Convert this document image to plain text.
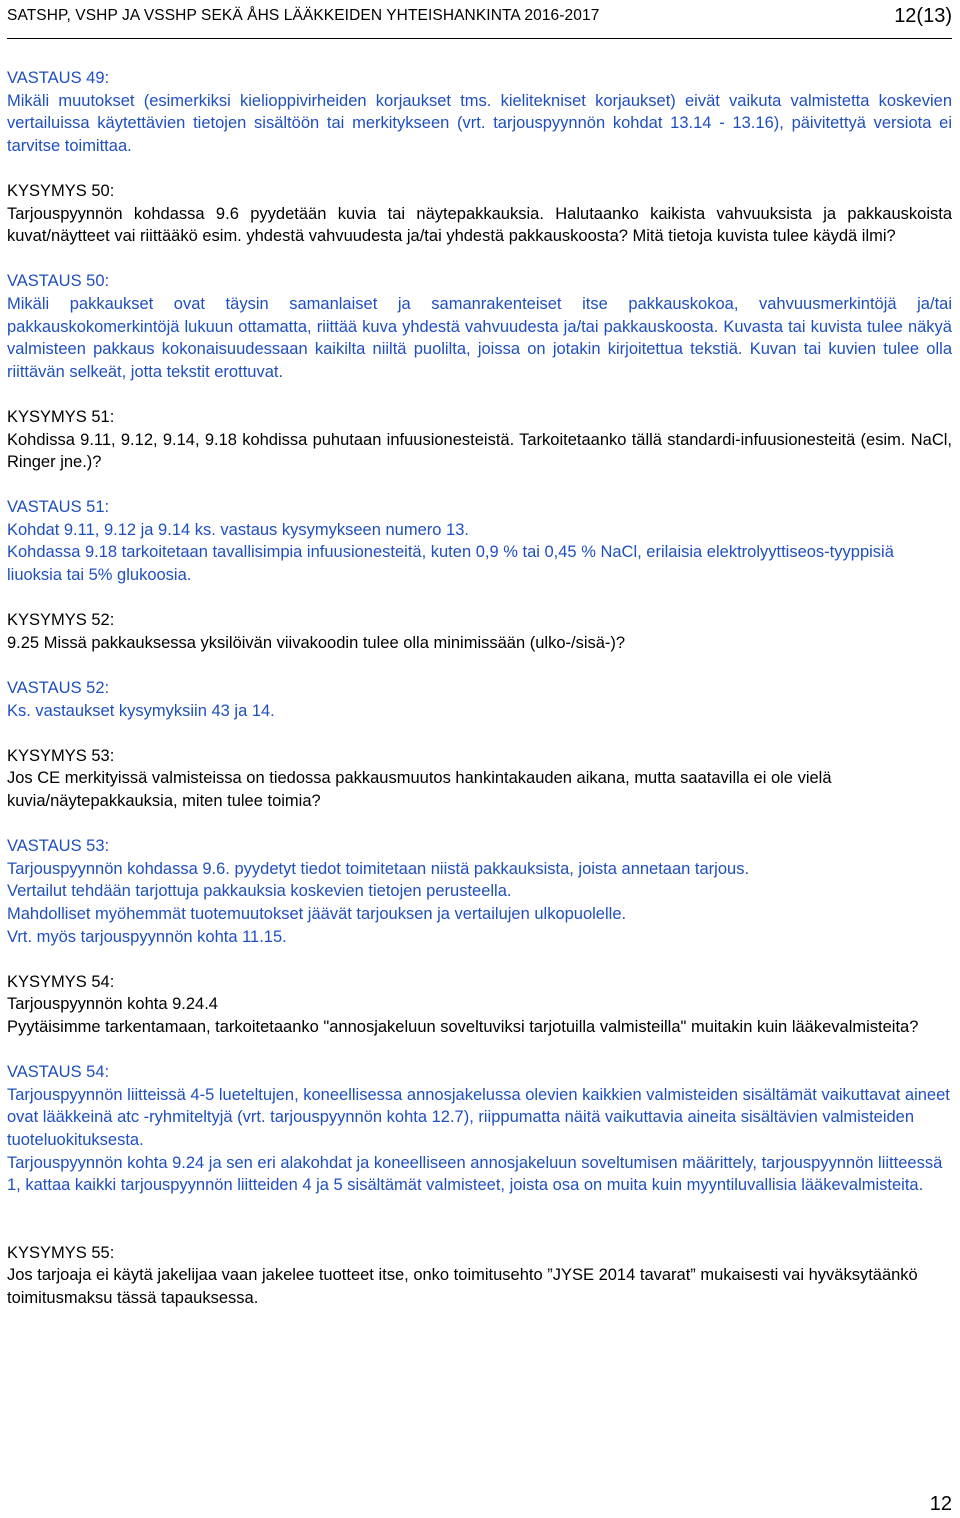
SATSHP, VSHP JA VSSHP SEKÄ ÅHS LÄÄKKEIDEN YHTEISHANKINTA 2016-2017	12(13)
VASTAUS 49:

Mikäli muutokset (esimerkiksi kielioppivirheiden korjaukset tms. kielitekniset korjaukset) eivät vaikuta valmistetta koskevien vertailuissa käytettävien tietojen sisältöön tai merkitykseen (vrt. tarjouspyynnön kohdat 13.14 - 13.16), päivitettyä versiota ei tarvitse toimittaa.

KYSYMYS 50:

Tarjouspyynnön kohdassa 9.6 pyydetään kuvia tai näytepakkauksia. Halutaanko kaikista vahvuuksista ja pakkauskoista kuvat/näytteet vai riittääkö esim. yhdestä vahvuudesta ja/tai yhdestä pakkauskoosta? Mitä tietoja kuvista tulee käydä ilmi?

VASTAUS 50:

Mikäli pakkaukset ovat täysin samanlaiset ja samanrakenteiset itse pakkauskokoa, vahvuusmerkintöjä ja/tai pakkauskokomerkintöjä lukuun ottamatta, riittää kuva yhdestä vahvuudesta ja/tai pakkauskoosta. Kuvasta tai kuvista tulee näkyä valmisteen pakkaus kokonaisuudessaan kaikilta niiltä puolilta, joissa on jotakin kirjoitettua tekstiä. Kuvan tai kuvien tulee olla riittävän selkeät, jotta tekstit erottuvat.

KYSYMYS 51:

Kohdissa 9.11, 9.12, 9.14, 9.18 kohdissa puhutaan infuusionesteistä. Tarkoitetaanko tällä standardi-infuusionesteitä (esim. NaCl, Ringer jne.)?

VASTAUS 51:

Kohdat 9.11, 9.12 ja 9.14 ks. vastaus kysymykseen numero 13.

Kohdassa 9.18 tarkoitetaan tavallisimpia infuusionesteitä, kuten 0,9 % tai 0,45 % NaCl, erilaisia elektrolyyttiseos-tyyppisiä liuoksia tai 5% glukoosia.

KYSYMYS 52:

9.25 Missä pakkauksessa yksilöivän viivakoodin tulee olla minimissään (ulko-/sisä-)?

VASTAUS 52:

Ks. vastaukset kysymyksiin 43 ja 14.

KYSYMYS 53:

Jos CE merkityissä valmisteissa on tiedossa pakkausmuutos hankintakauden aikana, mutta saatavilla ei ole vielä kuvia/näytepakkauksia, miten tulee toimia?

VASTAUS 53:

Tarjouspyynnön kohdassa 9.6. pyydetyt tiedot toimitetaan niistä pakkauksista, joista annetaan tarjous.

Vertailut tehdään tarjottuja pakkauksia koskevien tietojen perusteella.

Mahdolliset myöhemmät tuotemuutokset jäävät tarjouksen ja vertailujen ulkopuolelle.

Vrt. myös tarjouspyynnön kohta 11.15.

KYSYMYS 54:

Tarjouspyynnön kohta 9.24.4

Pyytäisimme tarkentamaan, tarkoitetaanko "annosjakeluun soveltuviksi tarjotuilla valmisteilla" muitakin kuin lääkevalmisteita?

VASTAUS 54:

Tarjouspyynnön liitteissä 4-5 lueteltujen, koneellisessa annosjakelussa olevien kaikkien valmisteiden sisältämät vaikuttavat aineet ovat lääkkeinä atc -ryhmiteltyjä (vrt. tarjouspyynnön kohta 12.7), riippumatta näitä vaikuttavia aineita sisältävien valmisteiden tuoteluokituksesta.

Tarjouspyynnön kohta 9.24 ja sen eri alakohdat ja koneelliseen annosjakeluun soveltumisen määrittely, tarjouspyynnön liitteessä 1, kattaa kaikki tarjouspyynnön liitteiden 4 ja 5 sisältämät valmisteet, joista osa on muita kuin myyntiluvallisia lääkevalmisteita.

KYSYMYS 55:

Jos tarjoaja ei käytä jakelijaa vaan jakelee tuotteet itse, onko toimitusehto ”JYSE 2014 tavarat” mukaisesti vai hyväksytäänkö toimitusmaksu tässä tapauksessa.

12
